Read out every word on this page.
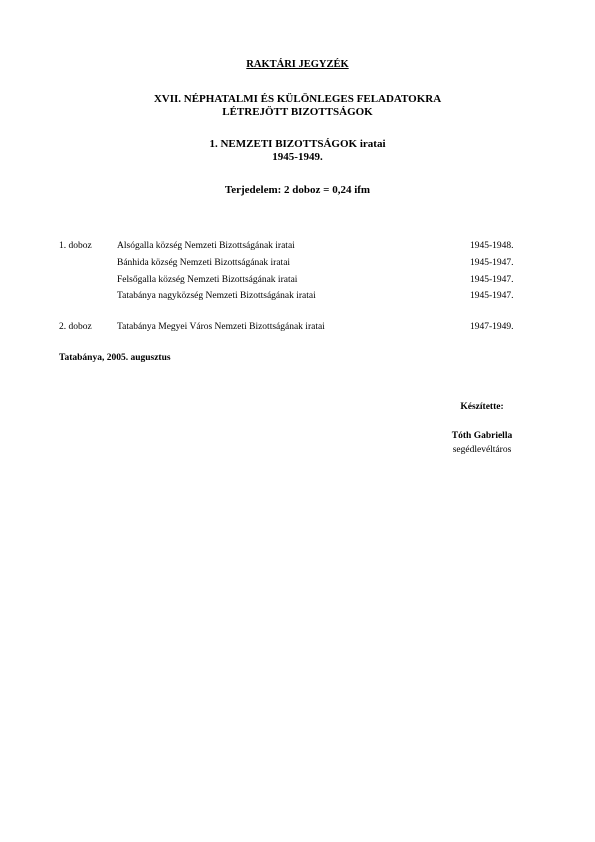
RAKTÁRI JEGYZÉK
XVII. NÉPHATALMI ÉS KÜLÖNLEGES FELADATOKRA
LÉTREJÖTT BIZOTTSÁGOK
1. NEMZETI BIZOTTSÁGOK iratai
1945-1949.
Terjedelem: 2 doboz = 0,24 ifm
1. doboz	Alsógalla község Nemzeti Bizottságának iratai	1945-1948.
Bánhida község Nemzeti Bizottságának iratai	1945-1947.
Felsőgalla község Nemzeti Bizottságának iratai	1945-1947.
Tatabánya nagyközség Nemzeti Bizottságának iratai	1945-1947.
2. doboz	Tatabánya Megyei Város Nemzeti Bizottságának iratai	1947-1949.
Tatabánya, 2005. augusztus
Készítette:
Tóth Gabriella
segédlevéltáros
